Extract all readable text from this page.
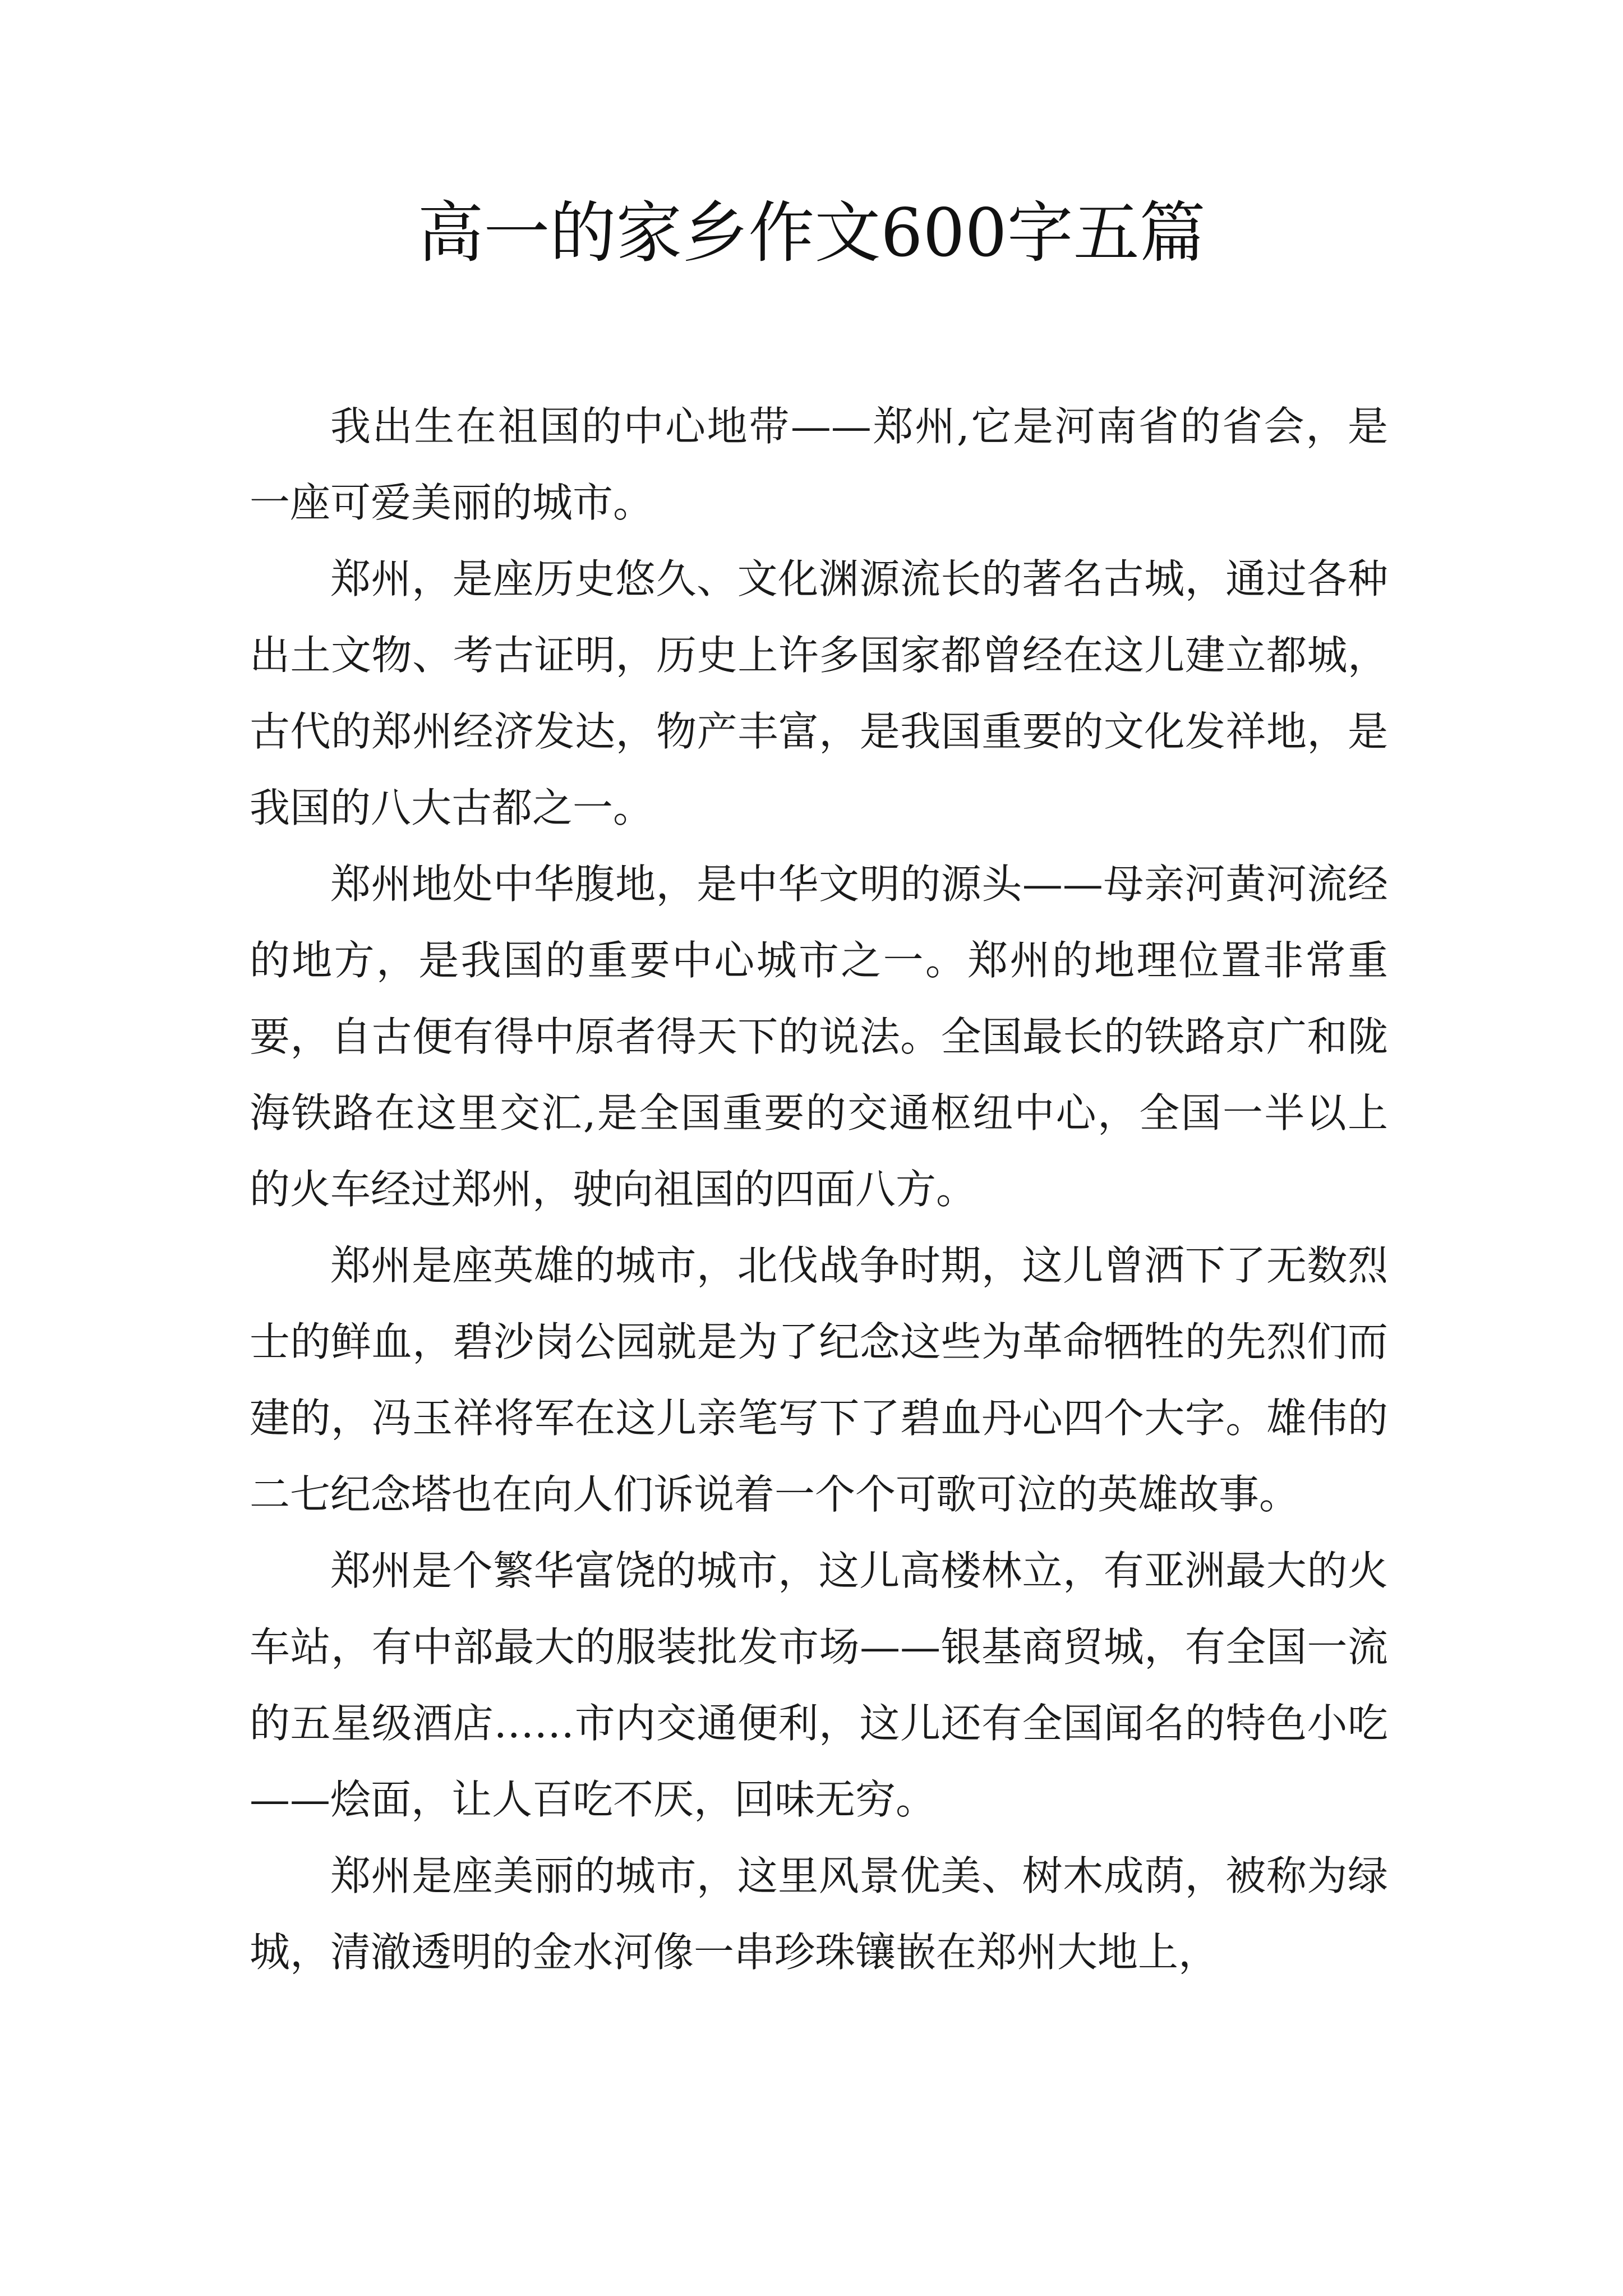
高一的家乡作文600字五篇

我出生在祖国的中心地带——郑州,它是河南省的省会，是一座可爱美丽的城市。

郑州，是座历史悠久、文化渊源流长的著名古城，通过各种出土文物、考古证明，历史上许多国家都曾经在这儿建立都城，古代的郑州经济发达，物产丰富，是我国重要的文化发祥地，是我国的八大古都之一。

郑州地处中华腹地，是中华文明的源头——母亲河黄河流经的地方，是我国的重要中心城市之一。郑州的地理位置非常重要，自古便有得中原者得天下的说法。全国最长的铁路京广和陇海铁路在这里交汇,是全国重要的交通枢纽中心，全国一半以上的火车经过郑州，驶向祖国的四面八方。

郑州是座英雄的城市，北伐战争时期，这儿曾洒下了无数烈士的鲜血，碧沙岗公园就是为了纪念这些为革命牺牲的先烈们而建的，冯玉祥将军在这儿亲笔写下了碧血丹心四个大字。雄伟的二七纪念塔也在向人们诉说着一个个可歌可泣的英雄故事。

郑州是个繁华富饶的城市，这儿高楼林立，有亚洲最大的火车站，有中部最大的服装批发市场——银基商贸城，有全国一流的五星级酒店……市内交通便利，这儿还有全国闻名的特色小吃——烩面，让人百吃不厌，回味无穷。

郑州是座美丽的城市，这里风景优美、树木成荫，被称为绿城，清澈透明的金水河像一串珍珠镶嵌在郑州大地上，
